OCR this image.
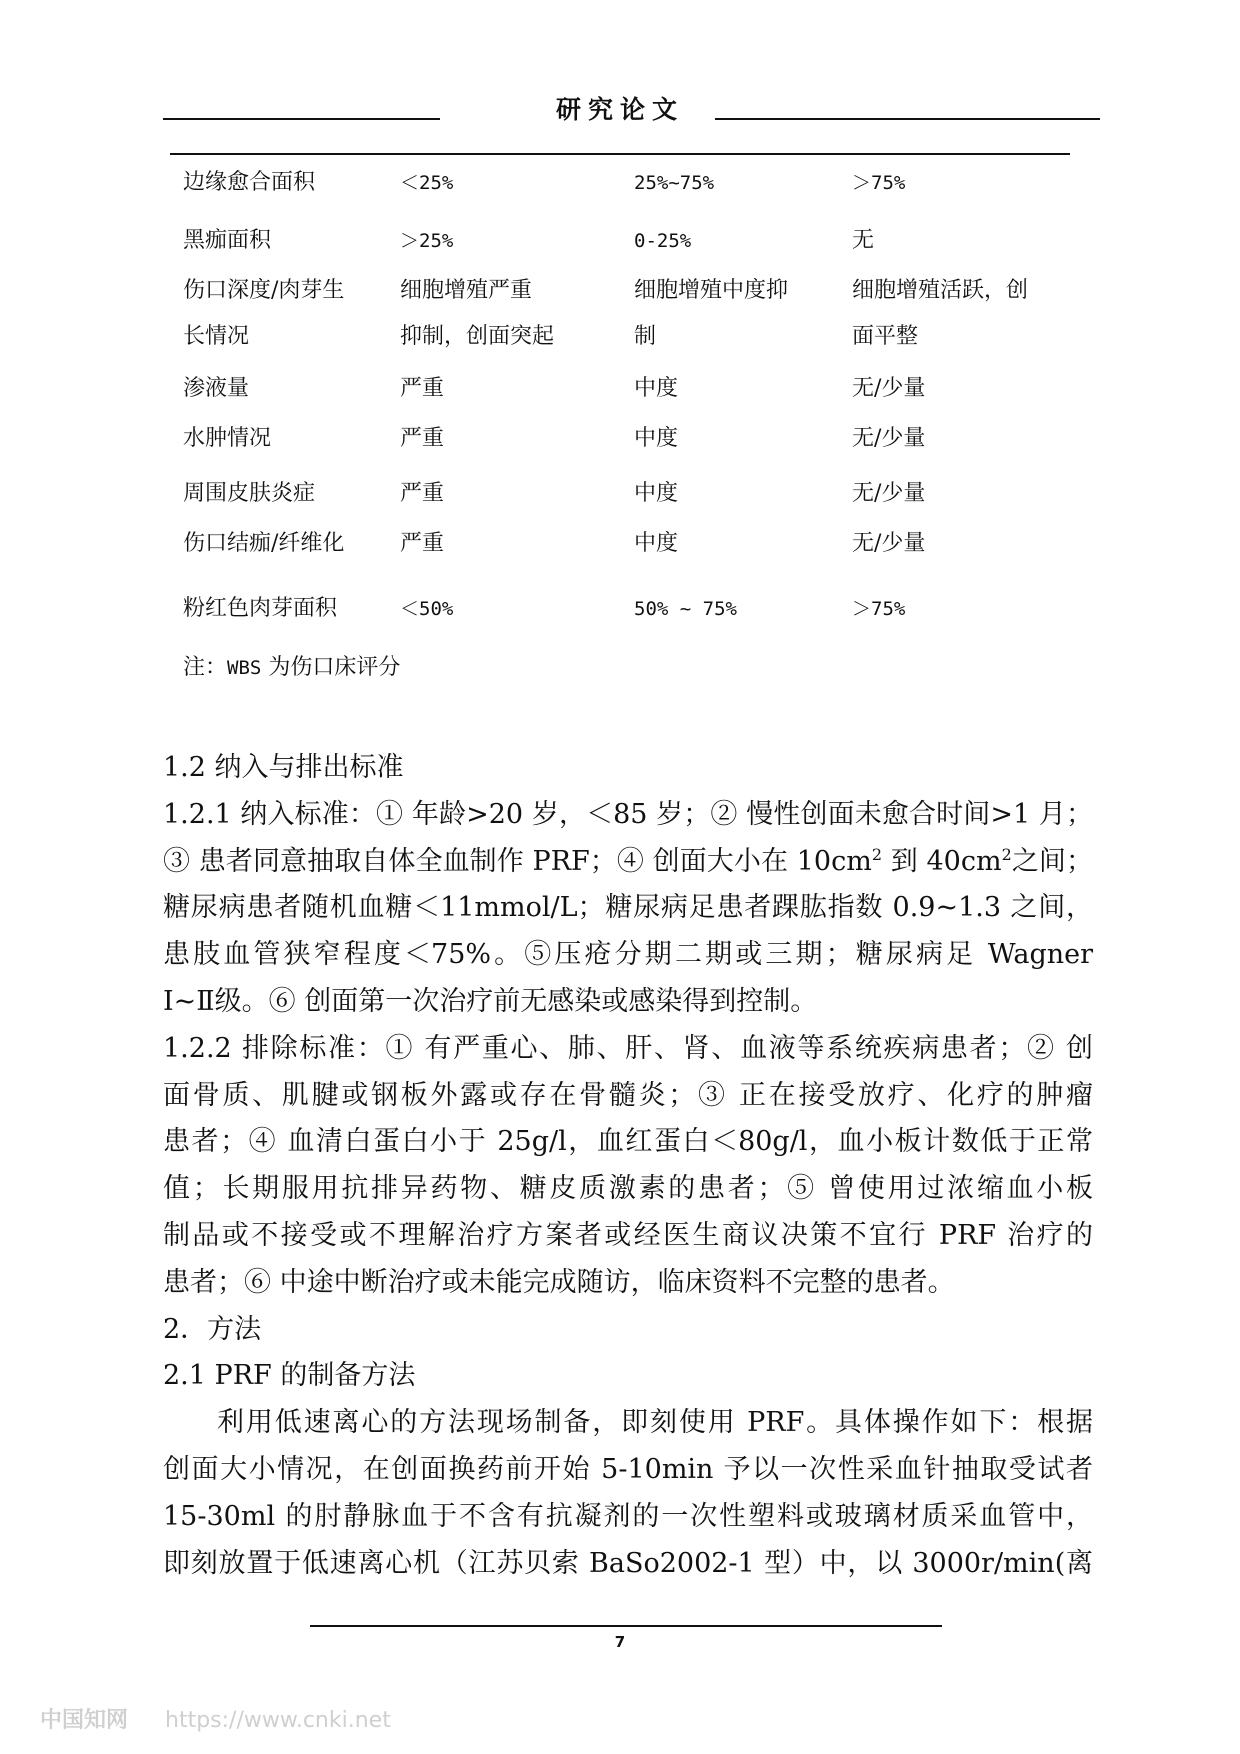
研究论文
边缘愈合面积	＜25%	25%~75%	＞75%
黑痂面积	＞25%	0-25%	无
伤口深度/肉芽生	细胞增殖严重	细胞增殖中度抑	细胞增殖活跃，创
长情况	抑制，创面突起	制	面平整
渗液量	严重	中度	无/少量
水肿情况	严重	中度	无/少量
周围皮肤炎症	严重	中度	无/少量
伤口结痂/纤维化	严重	中度	无/少量
粉红色肉芽面积	＜50%	50% ~ 75%	＞75%
注：WBS 为伤口床评分

1.2 纳入与排出标准

1.2.1 纳入标准：① 年龄>20 岁，＜85 岁；② 慢性创面未愈合时间>1 月；

③ 患者同意抽取自体全血制作 PRF；④ 创面大小在 $10cm^2$ 到 $40cm^2$之间；

糖尿病患者随机血糖＜11mmol/L；糖尿病足患者踝肱指数 0.9~1.3 之间，

患肢血管狭窄程度＜75%。⑤压疮分期二期或三期；糖尿病足 Wagner

Ⅰ~Ⅱ级。⑥ 创面第一次治疗前无感染或感染得到控制。

1.2.2 排除标准：① 有严重心、肺、肝、肾、血液等系统疾病患者；② 创

面骨质、肌腱或钢板外露或存在骨髓炎；③ 正在接受放疗、化疗的肿瘤

患者；④ 血清白蛋白小于 25g/l，血红蛋白＜80g/l，血小板计数低于正常

值；长期服用抗排异药物、糖皮质激素的患者；⑤ 曾使用过浓缩血小板

制品或不接受或不理解治疗方案者或经医生商议决策不宜行 PRF 治疗的

患者；⑥ 中途中断治疗或未能完成随访，临床资料不完整的患者。

2．方法

2.1 PRF 的制备方法

利用低速离心的方法现场制备，即刻使用 PRF。具体操作如下：根据

创面大小情况，在创面换药前开始 5-10min 予以一次性采血针抽取受试者

15-30ml 的肘静脉血于不含有抗凝剂的一次性塑料或玻璃材质采血管中，

即刻放置于低速离心机（江苏贝索 BaSo2002-1 型）中，以 3000r/min(离

7
中国知网 https://www.cnki.net
